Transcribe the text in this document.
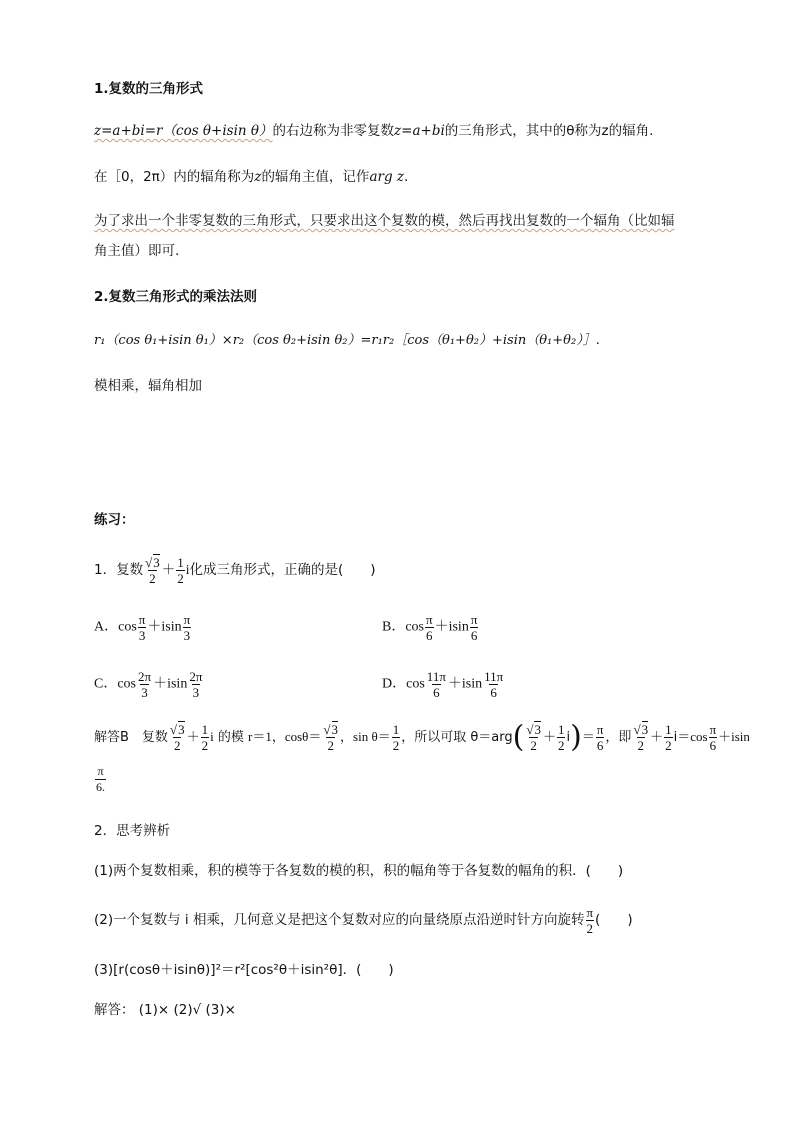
1.复数的三角形式
z=a+bi=r（cos θ+isin θ）的右边称为非零复数z=a+bi的三角形式，其中的θ称为z的辐角.
在［0，2π）内的辐角称为z的辐角主值，记作arg z.
为了求出一个非零复数的三角形式，只要求出这个复数的模，然后再找出复数的一个辐角（比如辐
角主值）即可.
2.复数三角形式的乘法法则
r₁（cos θ₁+isin θ₁）×r₂（cos θ₂+isin θ₂）=r₁r₂［cos（θ₁+θ₂）+isin（θ₁+θ₂）］.
模相乘，辐角相加
练习：
1．复数 $\frac{√3}{2} + \frac{1}{2}$ i化成三角形式，正确的是(　　)
A．$\cos \frac{\pi}{3} +isin \frac{\pi}{3}$	B．$\cos \frac{\pi}{6} +isin \frac{\pi}{6}$
C．$\cos \frac{2\pi}{3} +isin \frac{2\pi}{3}$	D．$\cos \frac{11\pi}{6} +isin \frac{11\pi}{6}$
解答B　复数 $\frac{√3}{2} + \frac{1}{2}$ i 的模 r＝1，$\cos\theta= \frac{√3}{2}$ ，$\sin \theta= \frac{1}{2}$ ，所以可取 $\theta=arg( \frac{√3}{2} + \frac{1}{2} i)= \frac{\pi}{6}$ ，即 $\frac{√3}{2} + \frac{1}{2} i=\cos \frac{\pi}{6} +isin$
$\frac{\pi}{6.}$
2．思考辨析
(1)两个复数相乘，积的模等于各复数的模的积，积的幅角等于各复数的幅角的积．(　　)
(2)一个复数与 i 相乘，几何意义是把这个复数对应的向量绕原点沿逆时针方向旋转 $\frac{\pi}{2}$ (　　)
(3)[r(cosθ＋isinθ)]²＝r²[cos²θ＋isin²θ]．(　　)
解答： (1)× (2)√ (3)×
